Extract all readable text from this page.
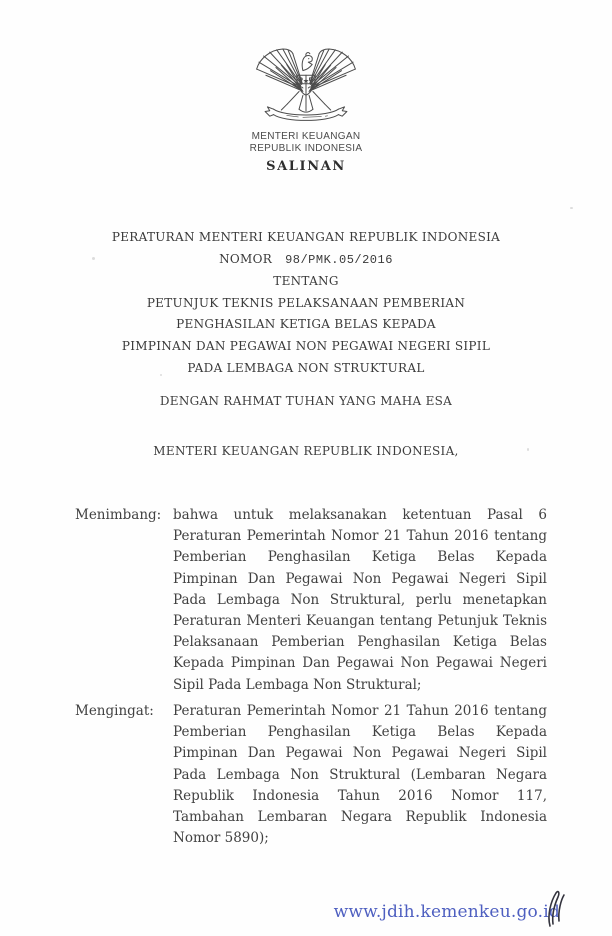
MENTERI KEUANGAN
REPUBLIK INDONESIA
SALINAN
PERATURAN MENTERI KEUANGAN REPUBLIK INDONESIA
NOMOR 98/PMK.05/2016
TENTANG
PETUNJUK TEKNIS PELAKSANAAN PEMBERIAN
PENGHASILAN KETIGA BELAS KEPADA
PIMPINAN DAN PEGAWAI NON PEGAWAI NEGERI SIPIL
PADA LEMBAGA NON STRUKTURAL
DENGAN RAHMAT TUHAN YANG MAHA ESA
MENTERI KEUANGAN REPUBLIK INDONESIA,
Menimbang: bahwa untuk melaksanakan ketentuan Pasal 6 Peraturan Pemerintah Nomor 21 Tahun 2016 tentang Pemberian Penghasilan Ketiga Belas Kepada Pimpinan Dan Pegawai Non Pegawai Negeri Sipil Pada Lembaga Non Struktural, perlu menetapkan Peraturan Menteri Keuangan tentang Petunjuk Teknis Pelaksanaan Pemberian Penghasilan Ketiga Belas Kepada Pimpinan Dan Pegawai Non Pegawai Negeri Sipil Pada Lembaga Non Struktural;
Mengingat:	Peraturan Pemerintah Nomor 21 Tahun 2016 tentang Pemberian Penghasilan Ketiga Belas Kepada Pimpinan Dan Pegawai Non Pegawai Negeri Sipil Pada Lembaga Non Struktural (Lembaran Negara Republik Indonesia Tahun 2016 Nomor 117, Tambahan Lembaran Negara Republik Indonesia Nomor 5890);
www.jdih.kemenkeu.go.id
